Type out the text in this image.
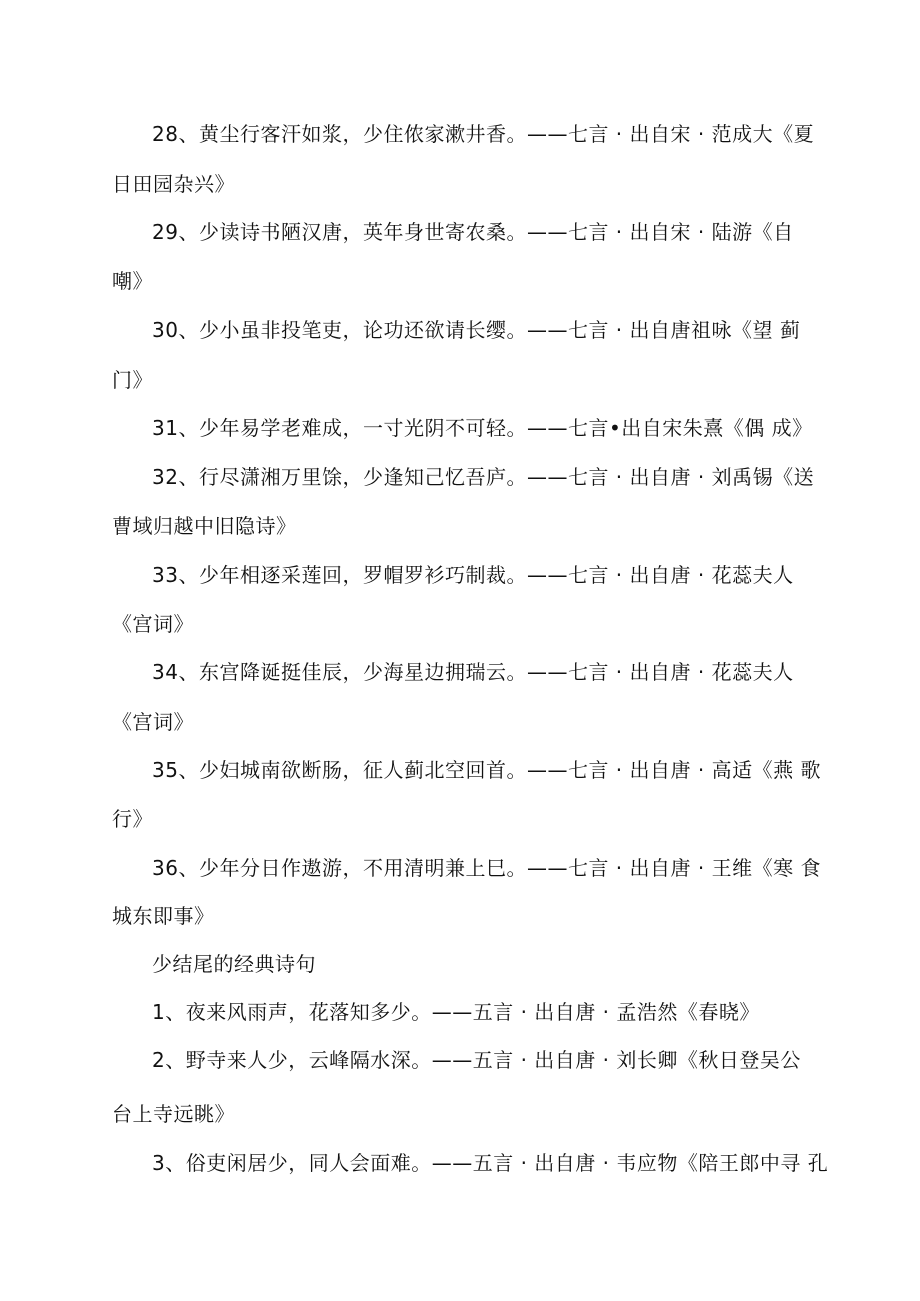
28、黄尘行客汗如浆，少住侬家漱井香。——七言 · 出自宋 · 范成大《夏
日田园杂兴》
29、少读诗书陋汉唐，英年身世寄农桑。——七言 · 出自宋 · 陆游《自
嘲》
30、少小虽非投笔吏，论功还欲请长缨。——七言 · 出自唐祖咏《望 蓟
门》
31、少年易学老难成，一寸光阴不可轻。——七言•出自宋朱熹《偶 成》
32、行尽潇湘万里馀，少逢知己忆吾庐。——七言 · 出自唐 · 刘禹锡《送
曹域归越中旧隐诗》
33、少年相逐采莲回，罗帽罗衫巧制裁。——七言 · 出自唐 · 花蕊夫人
《宫词》
34、东宫降诞挺佳辰，少海星边拥瑞云。——七言 · 出自唐 · 花蕊夫人
《宫词》
35、少妇城南欲断肠，征人蓟北空回首。——七言 · 出自唐 · 高适《燕 歌
行》
36、少年分日作遨游，不用清明兼上巳。——七言 · 出自唐 · 王维《寒 食
城东即事》
少结尾的经典诗句
1、夜来风雨声，花落知多少。——五言 · 出自唐 · 孟浩然《春晓》
2、野寺来人少，云峰隔水深。——五言 · 出自唐 · 刘长卿《秋日登吴公
台上寺远眺》
3、俗吏闲居少，同人会面难。——五言 · 出自唐 · 韦应物《陪王郎中寻 孔
